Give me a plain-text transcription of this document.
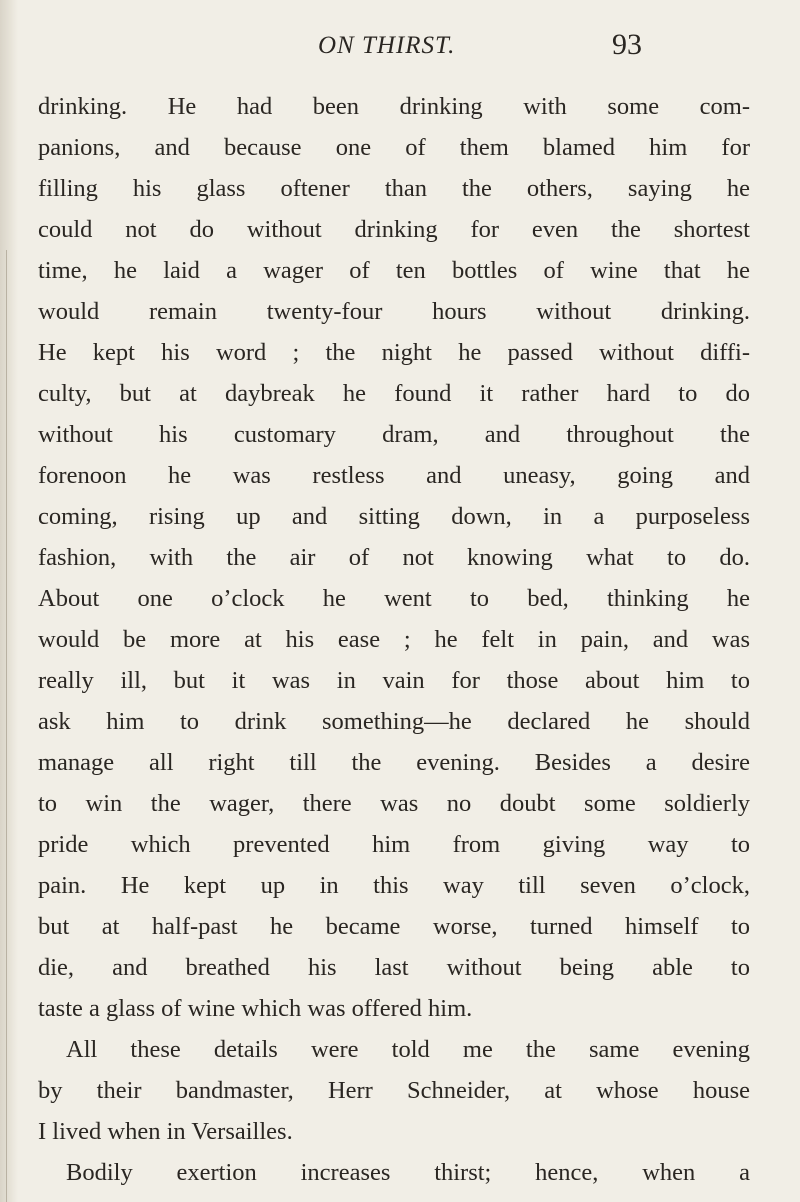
ON THIRST.	93
drinking. He had been drinking with some com-
panions, and because one of them blamed him for
filling his glass oftener than the others, saying he
could not do without drinking for even the shortest
time, he laid a wager of ten bottles of wine that he
would remain twenty-four hours without drinking.
He kept his word ; the night he passed without diffi-
culty, but at daybreak he found it rather hard to do
without his customary dram, and throughout the
forenoon he was restless and uneasy, going and
coming, rising up and sitting down, in a purposeless
fashion, with the air of not knowing what to do.
About one o’clock he went to bed, thinking he
would be more at his ease ; he felt in pain, and was
really ill, but it was in vain for those about him to
ask him to drink something—he declared he should
manage all right till the evening. Besides a desire
to win the wager, there was no doubt some soldierly
pride which prevented him from giving way to
pain. He kept up in this way till seven o’clock,
but at half-past he became worse, turned himself to
die, and breathed his last without being able to
taste a glass of wine which was offered him.
All these details were told me the same evening
by their bandmaster, Herr Schneider, at whose house
I lived when in Versailles.
Bodily exertion increases thirst; hence, when a
